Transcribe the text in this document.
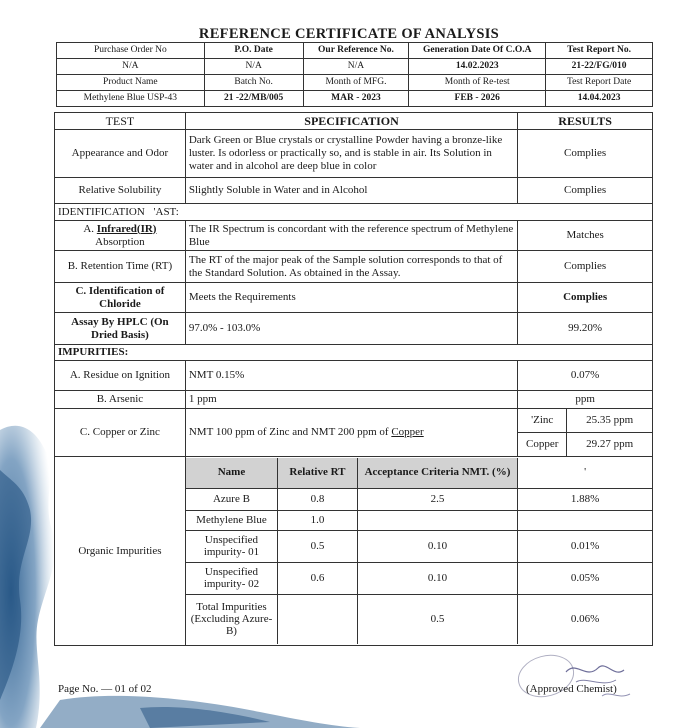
REFERENCE CERTIFICATE OF ANALYSIS
Purchase Order No	P.O. Date	Our Reference No.	Generation Date Of C.O.A	Test Report No.
N/A	N/A	N/A	14.02.2023	21-22/FG/010
Product Name	Batch No.	Month of MFG.	Month of Re-test	Test Report Date
Methylene Blue USP-43	21 -22/MB/005	MAR - 2023	FEB - 2026	14.04.2023
TEST	SPECIFICATION	RESULTS
Appearance and Odor	Dark Green or Blue crystals or crystalline Powder having a bronze-like luster. Is odorless or practically so, and is stable in air. Its Solution in water and in alcohol are deep blue in color	Complies
Relative Solubility	Slightly Soluble in Water and in Alcohol	Complies
IDENTIFICATION 'AST:
A. Infrared(IR)
Absorption	The IR Spectrum is concordant with the reference spectrum of Methylene Blue	Matches
B. Retention Time (RT)	The RT of the major peak of the Sample solution corresponds to that of the Standard Solution. As obtained in the Assay.	Complies
C. Identification of Chloride	Meets the Requirements	Complies
Assay By HPLC (On Dried Basis)	97.0% - 103.0%	99.20%
IMPURITIES:
A. Residue on Ignition	NMT 0.15%	0.07%
B. Arsenic	1 ppm	ppm
C. Copper or Zinc	NMT 100 ppm of Zinc and NMT 200 ppm of Copper	
'Zinc	25.35 ppm
Copper	29.27 ppm

Organic Impurities	
Name	Relative RT	Acceptance Criteria NMT. (%)	'
Azure B	0.8	2.5	1.88%
Methylene Blue	1.0		
Unspecified impurity- 01	0.5	0.10	0.01%
Unspecified impurity- 02	0.6	0.10	0.05%
Total Impurities (Excluding Azure-B)		0.5	0.06%
Page No. — 01 of 02	(Approved Chemist)
